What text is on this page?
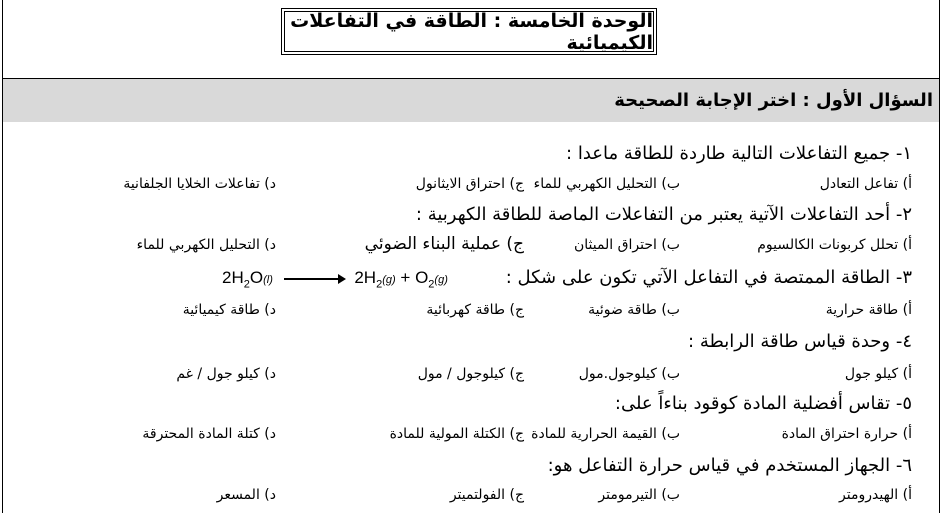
الوحدة الخامسة : الطاقة في التفاعلات الكيميائية
السؤال الأول : اختر الإجابة الصحيحة
١- جميع التفاعلات التالية طاردة للطاقة ماعدا :
أ) تفاعل التعادل
ب) التحليل الكهربي للماء
ج) احتراق الايثانول
د) تفاعلات الخلايا الجلفانية
٢- أحد التفاعلات الآتية يعتبر من التفاعلات الماصة للطاقة الكهربية :
أ) تحلل كربونات الكالسيوم
ب) احتراق الميثان
ج) عملية البناء الضوئي
د) التحليل الكهربي للماء
٣- الطاقة الممتصة في التفاعل الآتي تكون على شكل :
$2H_2O(l) \to 2H_2(g) + O_2(g)$
أ) طاقة حرارية
ب) طاقة ضوئية
ج) طاقة كهربائية
د) طاقة كيميائية
٤- وحدة قياس طاقة الرابطة :
أ) كيلو جول
ب) كيلوجول.مول
ج) كيلوجول / مول
د) كيلو جول / غم
٥- تقاس أفضلية المادة كوقود بناءاً على:
أ) حرارة احتراق المادة
ب) القيمة الحرارية للمادة
ج) الكتلة المولية للمادة
د) كتلة المادة المحترقة
٦- الجهاز المستخدم في قياس حرارة التفاعل هو:
أ) الهيدرومتر
ب) التيرمومتر
ج) الفولتميتر
د) المسعر
